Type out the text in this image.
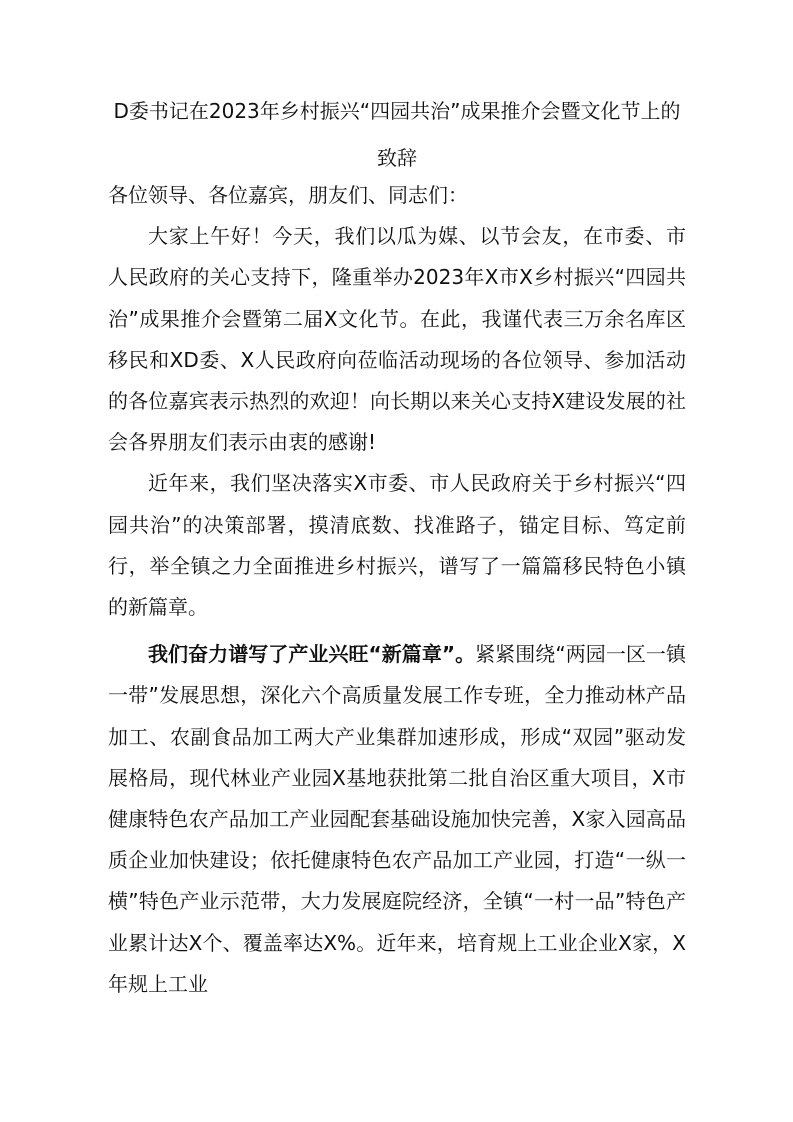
D委书记在2023年乡村振兴“四园共治”成果推介会暨文化节上的致辞

各位领导、各位嘉宾，朋友们、同志们：

大家上午好！今天，我们以瓜为媒、以节会友，在市委、市人民政府的关心支持下，隆重举办2023年X市X乡村振兴“四园共治”成果推介会暨第二届X文化节。在此，我谨代表三万余名库区移民和XD委、X人民政府向莅临活动现场的各位领导、参加活动的各位嘉宾表示热烈的欢迎！向长期以来关心支持X建设发展的社会各界朋友们表示由衷的感谢!

近年来，我们坚决落实X市委、市人民政府关于乡村振兴“四园共治”的决策部署，摸清底数、找准路子，锚定目标、笃定前行，举全镇之力全面推进乡村振兴，谱写了一篇篇移民特色小镇的新篇章。

我们奋力谱写了产业兴旺“新篇章”。紧紧围绕“两园一区一镇一带”发展思想，深化六个高质量发展工作专班，全力推动林产品加工、农副食品加工两大产业集群加速形成，形成“双园”驱动发展格局，现代林业产业园X基地获批第二批自治区重大项目，X市健康特色农产品加工产业园配套基础设施加快完善，X家入园高品质企业加快建设；依托健康特色农产品加工产业园，打造“一纵一横”特色产业示范带，大力发展庭院经济，全镇“一村一品”特色产业累计达X个、覆盖率达X%。近年来，培育规上工业企业X家，X年规上工业
